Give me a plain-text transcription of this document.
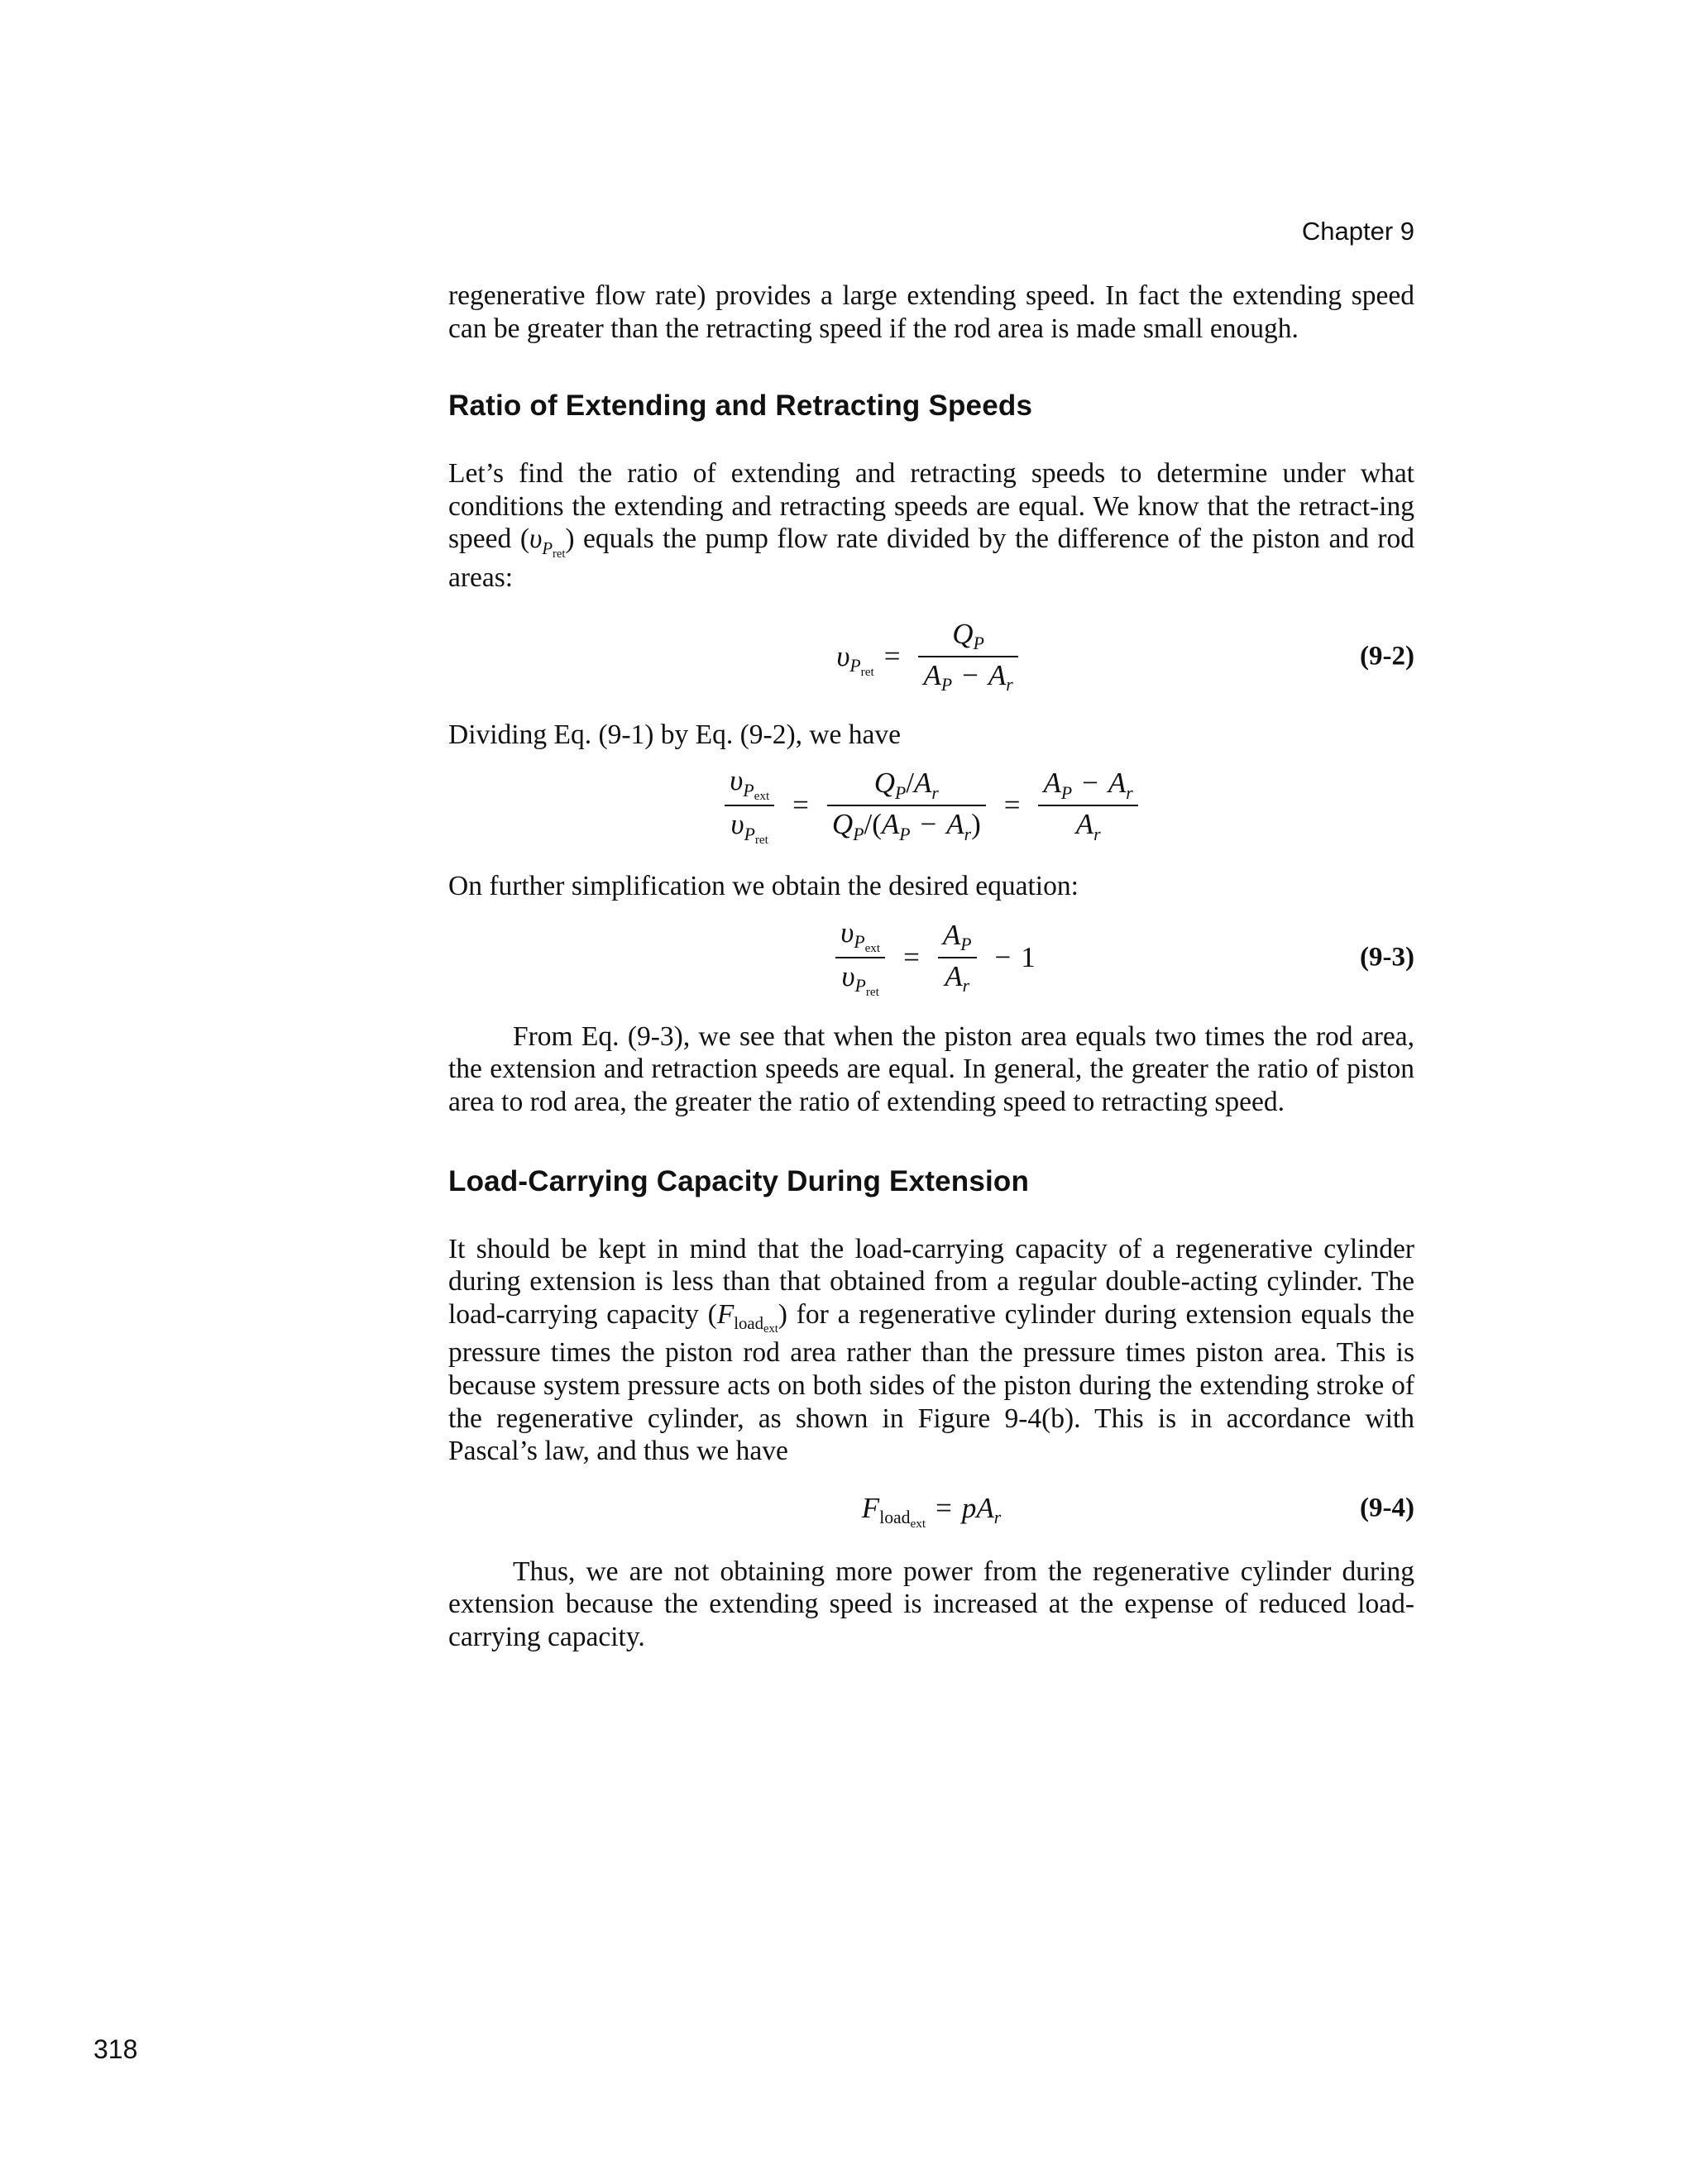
Chapter 9

regenerative flow rate) provides a large extending speed. In fact the extending speed can be greater than the retracting speed if the rod area is made small enough.

Ratio of Extending and Retracting Speeds

Let’s find the ratio of extending and retracting speeds to determine under what conditions the extending and retracting speeds are equal. We know that the retract-ing speed $(\upsilon_{P_{ret}})$ equals the pump flow rate divided by the difference of the piston and rod areas:

$\upsilon_{P_{ret}} = \frac{Q_P}{A_P - A_r}$	(9-2)

Dividing Eq. (9-1) by Eq. (9-2), we have

$\frac{\upsilon_{P_{ext}}}{\upsilon_{P_{ret}}} = \frac{Q_P/A_r}{Q_P/(A_P - A_r)} = \frac{A_P - A_r}{A_r}$

On further simplification we obtain the desired equation:

$\frac{\upsilon_{P_{ext}}}{\upsilon_{P_{ret}}} = \frac{A_P}{A_r} - 1$	(9-3)

From Eq. (9-3), we see that when the piston area equals two times the rod area, the extension and retraction speeds are equal. In general, the greater the ratio of piston area to rod area, the greater the ratio of extending speed to retracting speed.

Load-Carrying Capacity During Extension

It should be kept in mind that the load-carrying capacity of a regenerative cylinder during extension is less than that obtained from a regular double-acting cylinder. The load-carrying capacity $(F_{load_{ext}})$ for a regenerative cylinder during extension equals the pressure times the piston rod area rather than the pressure times piston area. This is because system pressure acts on both sides of the piston during the extending stroke of the regenerative cylinder, as shown in Figure 9-4(b). This is in accordance with Pascal’s law, and thus we have

$F_{load_{ext}} = pA_r$	(9-4)

Thus, we are not obtaining more power from the regenerative cylinder during extension because the extending speed is increased at the expense of reduced load-carrying capacity.

318
